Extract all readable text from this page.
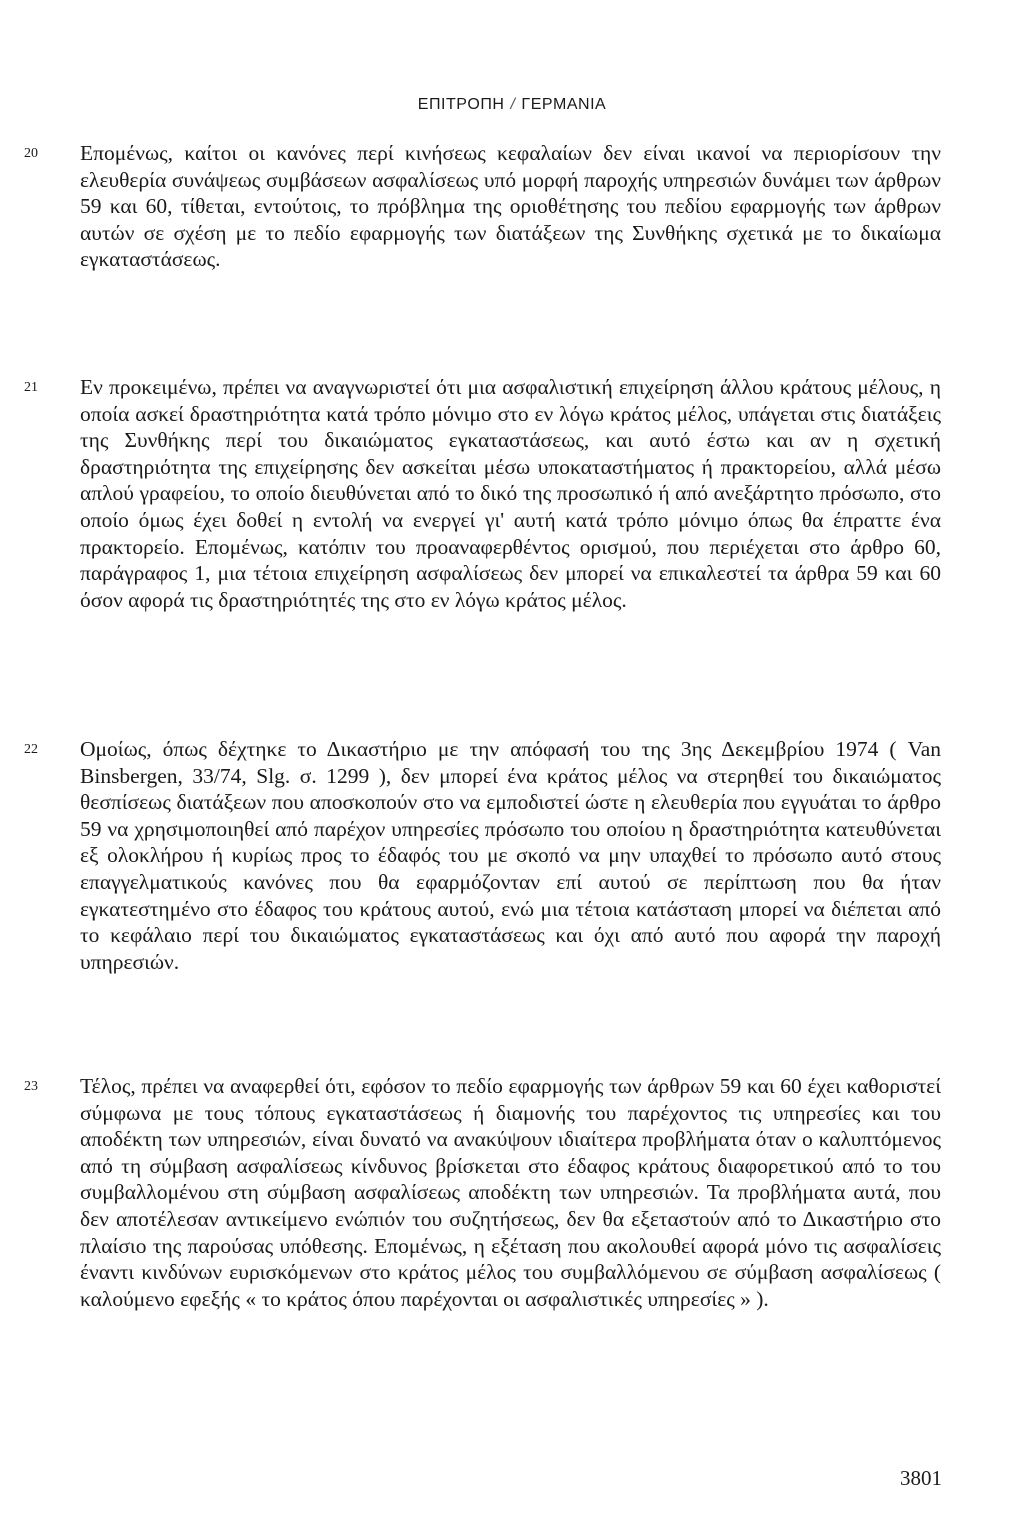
ΕΠΙΤΡΟΠΗ / ΓΕΡΜΑΝΙΑ
20 Επομένως, καίτοι οι κανόνες περί κινήσεως κεφαλαίων δεν είναι ικανοί να περιορίσουν την ελευθερία συνάψεως συμβάσεων ασφαλίσεως υπό μορφή παροχής υπηρεσιών δυνάμει των άρθρων 59 και 60, τίθεται, εντούτοις, το πρόβλημα της οριοθέτησης του πεδίου εφαρμογής των άρθρων αυτών σε σχέση με το πεδίο εφαρμογής των διατάξεων της Συνθήκης σχετικά με το δικαίωμα εγκαταστάσεως.

21 Εν προκειμένω, πρέπει να αναγνωριστεί ότι μια ασφαλιστική επιχείρηση άλλου κράτους μέλους, η οποία ασκεί δραστηριότητα κατά τρόπο μόνιμο στο εν λόγω κράτος μέλος, υπάγεται στις διατάξεις της Συνθήκης περί του δικαιώματος εγκαταστάσεως, και αυτό έστω και αν η σχετική δραστηριότητα της επιχείρησης δεν ασκείται μέσω υποκαταστήματος ή πρακτορείου, αλλά μέσω απλού γραφείου, το οποίο διευθύνεται από το δικό της προσωπικό ή από ανεξάρτητο πρόσωπο, στο οποίο όμως έχει δοθεί η εντολή να ενεργεί γι' αυτή κατά τρόπο μόνιμο όπως θα έπραττε ένα πρακτορείο. Επομένως, κατόπιν του προαναφερθέντος ορισμού, που περιέχεται στο άρθρο 60, παράγραφος 1, μια τέτοια επιχείρηση ασφαλίσεως δεν μπορεί να επικαλεστεί τα άρθρα 59 και 60 όσον αφορά τις δραστηριότητές της στο εν λόγω κράτος μέλος.

22 Ομοίως, όπως δέχτηκε το Δικαστήριο με την απόφασή του της 3ης Δεκεμβρίου 1974 ( Van Binsbergen, 33/74, Slg. σ. 1299 ), δεν μπορεί ένα κράτος μέλος να στερηθεί του δικαιώματος θεσπίσεως διατάξεων που αποσκοπούν στο να εμποδιστεί ώστε η ελευθερία που εγγυάται το άρθρο 59 να χρησιμοποιηθεί από παρέχον υπηρεσίες πρόσωπο του οποίου η δραστηριότητα κατευθύνεται εξ ολοκλήρου ή κυρίως προς το έδαφός του με σκοπό να μην υπαχθεί το πρόσωπο αυτό στους επαγγελματικούς κανόνες που θα εφαρμόζονταν επί αυτού σε περίπτωση που θα ήταν εγκατεστημένο στο έδαφος του κράτους αυτού, ενώ μια τέτοια κατάσταση μπορεί να διέπεται από το κεφάλαιο περί του δικαιώματος εγκαταστάσεως και όχι από αυτό που αφορά την παροχή υπηρεσιών.

23 Τέλος, πρέπει να αναφερθεί ότι, εφόσον το πεδίο εφαρμογής των άρθρων 59 και 60 έχει καθοριστεί σύμφωνα με τους τόπους εγκαταστάσεως ή διαμονής του παρέχοντος τις υπηρεσίες και του αποδέκτη των υπηρεσιών, είναι δυνατό να ανακύψουν ιδιαίτερα προβλήματα όταν ο καλυπτόμενος από τη σύμβαση ασφαλίσεως κίνδυνος βρίσκεται στο έδαφος κράτους διαφορετικού από το του συμβαλλομένου στη σύμβαση ασφαλίσεως αποδέκτη των υπηρεσιών. Τα προβλήματα αυτά, που δεν αποτέλεσαν αντικείμενο ενώπιόν του συζητήσεως, δεν θα εξεταστούν από το Δικαστήριο στο πλαίσιο της παρούσας υπόθεσης. Επομένως, η εξέταση που ακολουθεί αφορά μόνο τις ασφαλίσεις έναντι κινδύνων ευρισκόμενων στο κράτος μέλος του συμβαλλόμενου σε σύμβαση ασφαλίσεως ( καλούμενο εφεξής « το κράτος όπου παρέχονται οι ασφαλιστικές υπηρεσίες » ).

3801
